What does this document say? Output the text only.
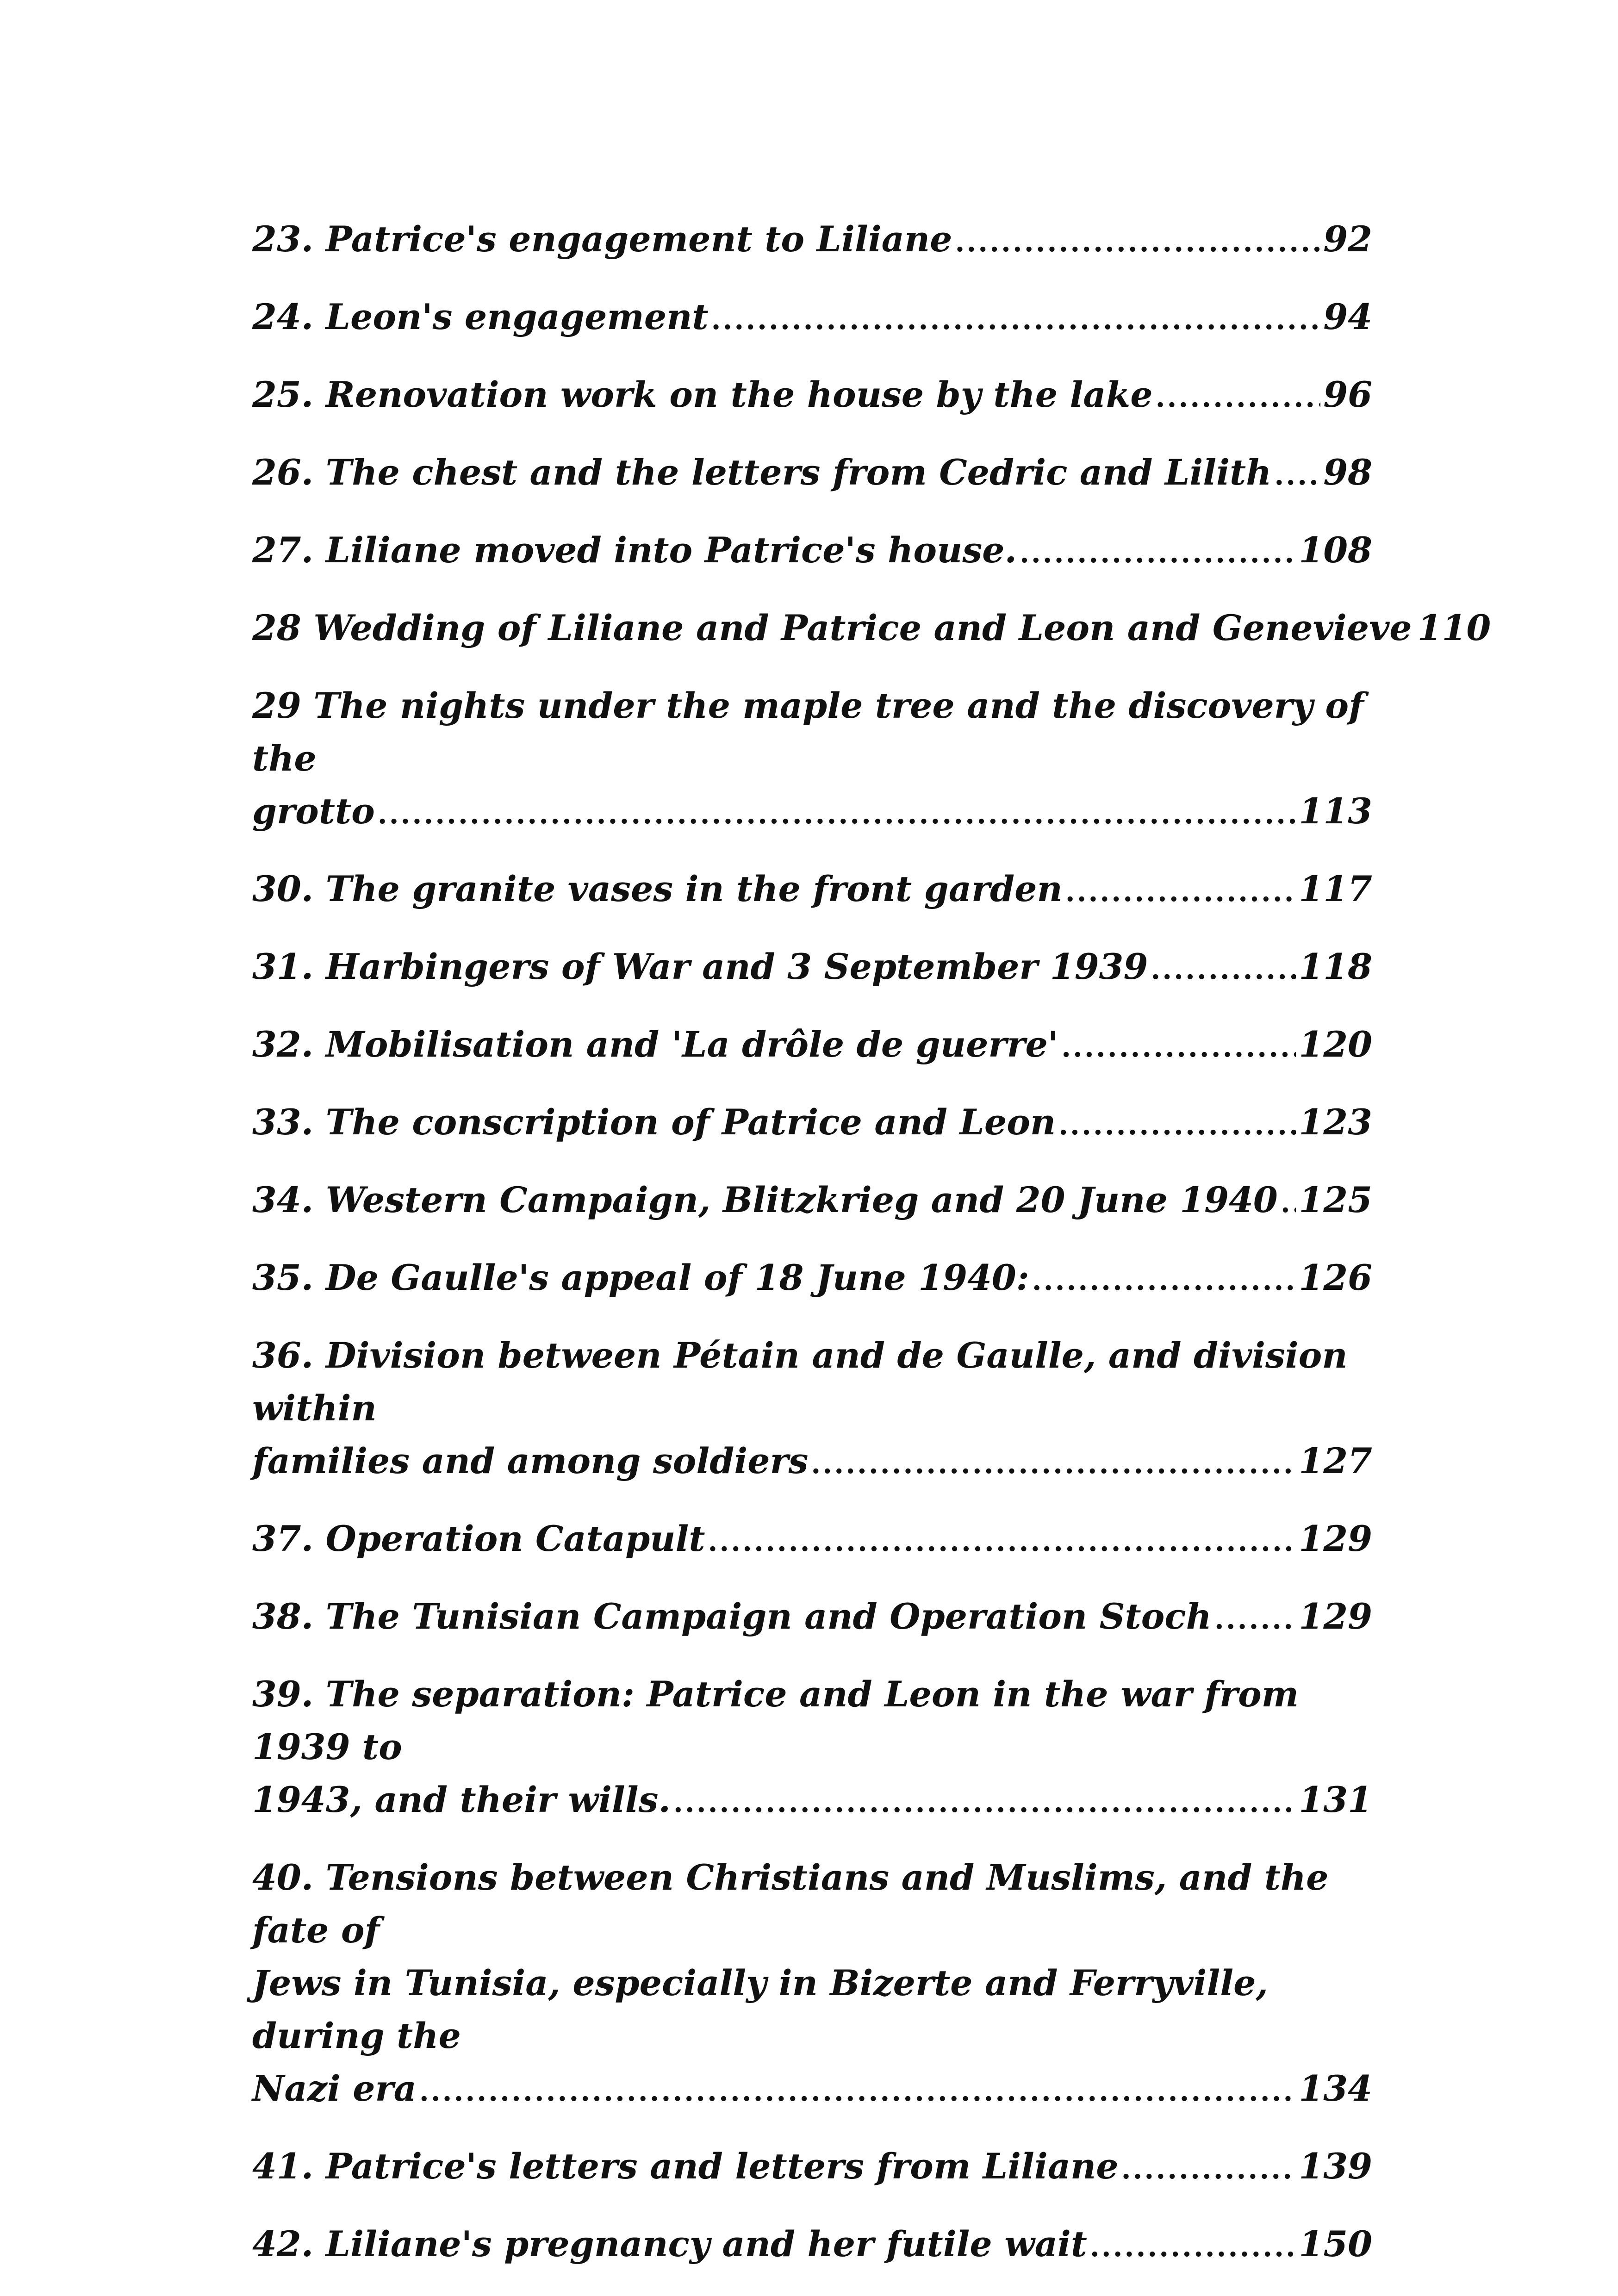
23. Patrice's engagement to Liliane .....	92
24. Leon's engagement .....	94
25. Renovation work on the house by the lake .....	96
26. The chest and the letters from Cedric and Lilith ..... 98
27. Liliane moved into Patrice's house. .....	108
28 Wedding of Liliane and Patrice and Leon and Genevieve 110
29 The nights under the maple tree and the discovery of the
grotto .....	113
30. The granite vases in the front garden .....	117
31. Harbingers of War and 3 September 1939 .....	118
32. Mobilisation and 'La drôle de guerre' .....	120
33. The conscription of Patrice and Leon .....	123
34. Western Campaign, Blitzkrieg and 20 June 1940 ..... 125
35. De Gaulle's appeal of 18 June 1940: .....	126
36. Division between Pétain and de Gaulle, and division within
families and among soldiers .....	127
37. Operation Catapult .....	129
38. The Tunisian Campaign and Operation Stoch ..... 129
39. The separation: Patrice and Leon in the war from 1939 to
1943, and their wills. .....	131
40. Tensions between Christians and Muslims, and the fate of
Jews in Tunisia, especially in Bizerte and Ferryville, during the
Nazi era .....	134
41. Patrice's letters and letters from Liliane .....	139
42. Liliane's pregnancy and her futile wait .....	150
